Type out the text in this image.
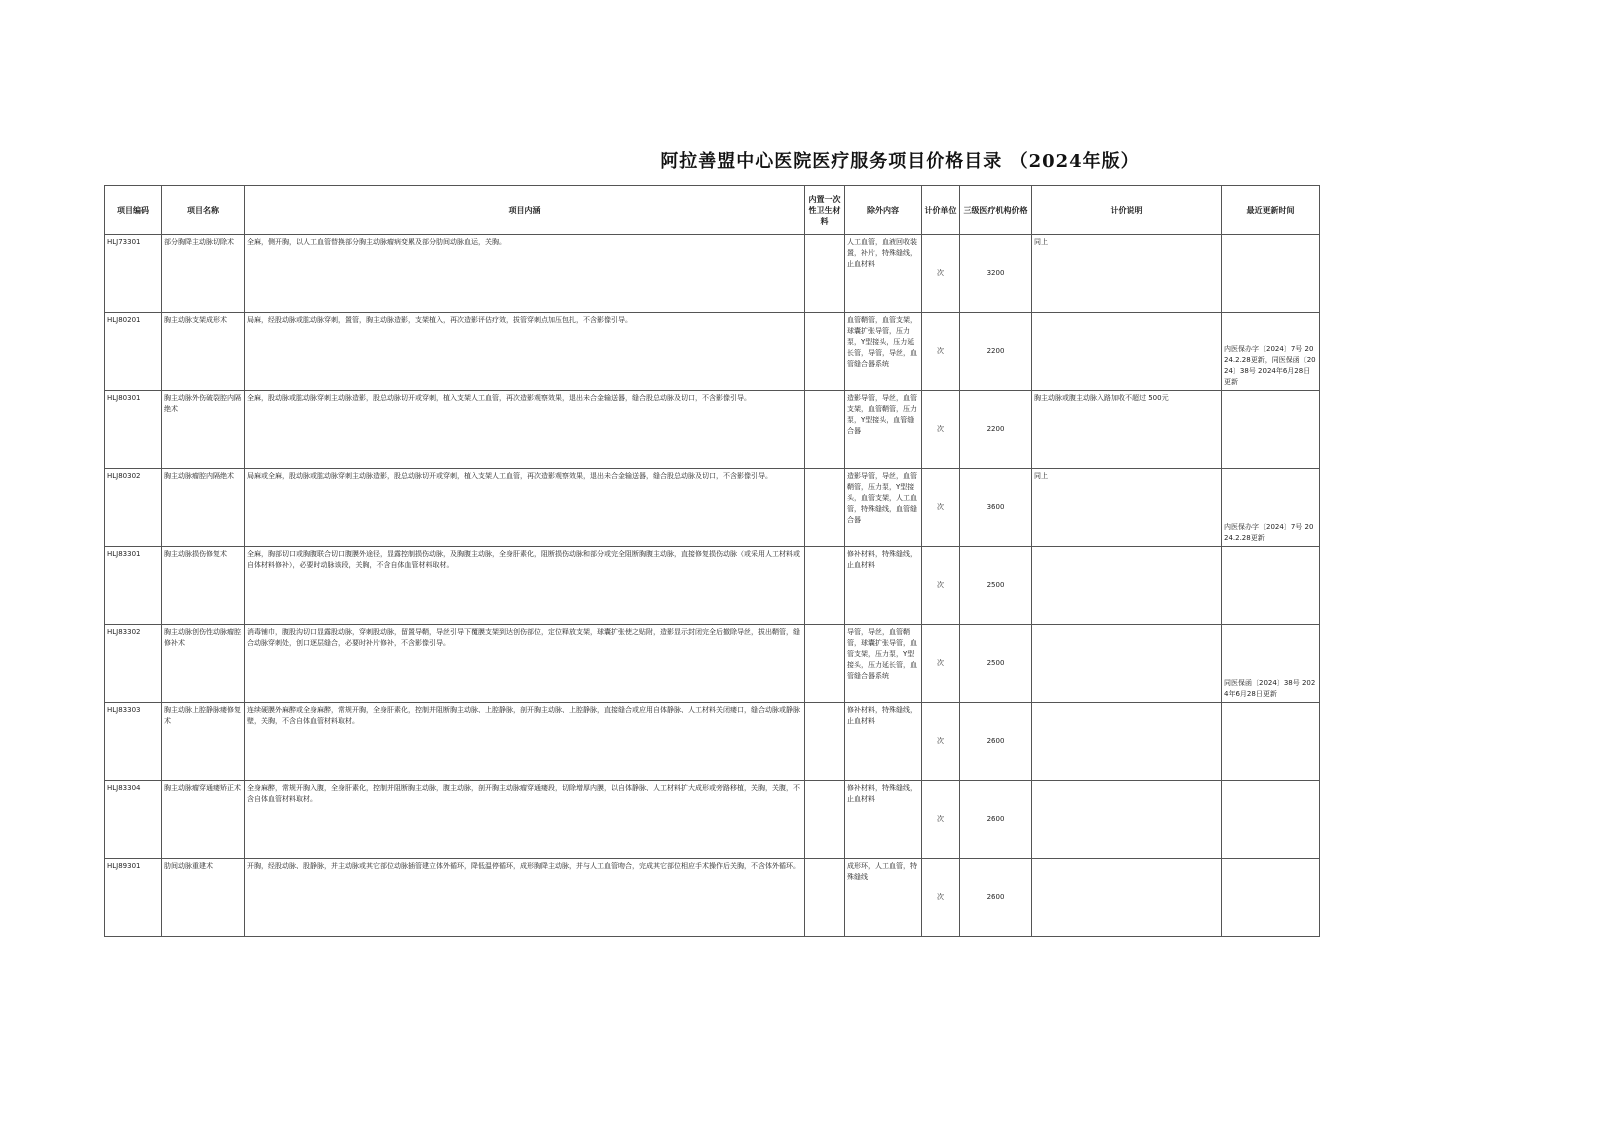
阿拉善盟中心医院医疗服务项目价格目录 （2024年版）
项目编码	项目名称	项目内涵	内置一次性卫生材料	除外内容	计价单位	三级医疗机构价格	计价说明	最近更新时间
HLJ73301	部分胸降主动脉切除术	全麻，侧开胸，以人工血管替换部分胸主动脉瘤病变累及部分肋间动脉血运，关胸。		人工血管，血液回收装置，补片，特殊缝线，止血材料	次	3200	同上	
HLJ80201	胸主动脉支架成形术	局麻，经股动脉或肱动脉穿刺，置管，胸主动脉造影，支架植入，再次造影评估疗效，拔管穿刺点加压包扎，不含影像引导。		血管鞘管，血管支架，球囊扩张导管，压力泵，Y型接头，压力延长管，导管，导丝，血管缝合器系统	次	2200		内医保办字〔2024〕7号 2024.2.28更新，同医保函〔2024〕38号 2024年6月28日更新
HLJ80301	胸主动脉外伤破裂腔内隔绝术	全麻，股动脉或肱动脉穿刺主动脉造影，股总动脉切开或穿刺，植入支架人工血管，再次造影观察效果，退出未合金输送器，缝合股总动脉及切口，不含影像引导。		造影导管，导丝，血管支架，血管鞘管，压力泵，Y型接头，血管缝合器	次	2200	胸主动脉或腹主动脉入路加收不超过 500元	
HLJ80302	胸主动脉瘤腔内隔绝术	局麻或全麻，股动脉或肱动脉穿刺主动脉造影，股总动脉切开或穿刺，植入支架人工血管，再次造影观察效果，退出未合金输送器，缝合股总动脉及切口，不含影像引导。		造影导管，导丝，血管鞘管，压力泵，Y型接头，血管支架，人工血管，特殊缝线，血管缝合器	次	3600	同上	内医保办字〔2024〕7号 2024.2.28更新
HLJ83301	胸主动脉损伤修复术	全麻，胸部切口或胸腹联合切口腹膜外途径，显露控制损伤动脉，及胸腹主动脉，全身肝素化，阻断损伤动脉和部分或完全阻断胸腹主动脉，直接修复损伤动脉（或采用人工材料或自体材料修补），必要时动脉该段，关胸，不含自体血管材料取材。		修补材料，特殊缝线，止血材料	次	2500		
HLJ83302	胸主动脉创伤性动脉瘤腔修补术	消毒铺巾，腹股沟切口显露股动脉，穿刺股动脉，留置导鞘，导丝引导下覆膜支架到达创伤部位，定位释放支架，球囊扩张使之贴附，造影显示封闭完全后撤除导丝，拔出鞘管，缝合动脉穿刺处，创口逐层缝合，必要时补片修补，不含影像引导。		导管，导丝，血管鞘管，球囊扩张导管，血管支架，压力泵，Y型接头，压力延长管，血管缝合器系统	次	2500		同医保函〔2024〕38号 2024年6月28日更新
HLJ83303	胸主动脉上腔静脉瘘修复术	连续硬膜外麻醉或全身麻醉，常规开胸，全身肝素化，控制并阻断胸主动脉、上腔静脉，剖开胸主动脉、上腔静脉，直接缝合或应用自体静脉、人工材料关闭瘘口，缝合动脉或静脉壁，关胸，不含自体血管材料取材。		修补材料，特殊缝线，止血材料	次	2600		
HLJ83304	胸主动脉瘤穿通瘘矫正术	全身麻醉，常规开胸入腹，全身肝素化，控制并阻断胸主动脉，腹主动脉，剖开胸主动脉瘤穿通瘘段，切除增厚内膜，以自体静脉、人工材料扩大成形或旁路移植，关胸，关腹，不含自体血管材料取材。		修补材料，特殊缝线，止血材料	次	2600		
HLJ89301	肋间动脉重建术	开胸，经股动脉、股静脉，并主动脉或其它部位动脉插管建立体外循环，降低温停循环，成形胸降主动脉，并与人工血管吻合，完成其它部位相应手术操作后关胸，不含体外循环。		成形环，人工血管，特殊缝线	次	2600		
